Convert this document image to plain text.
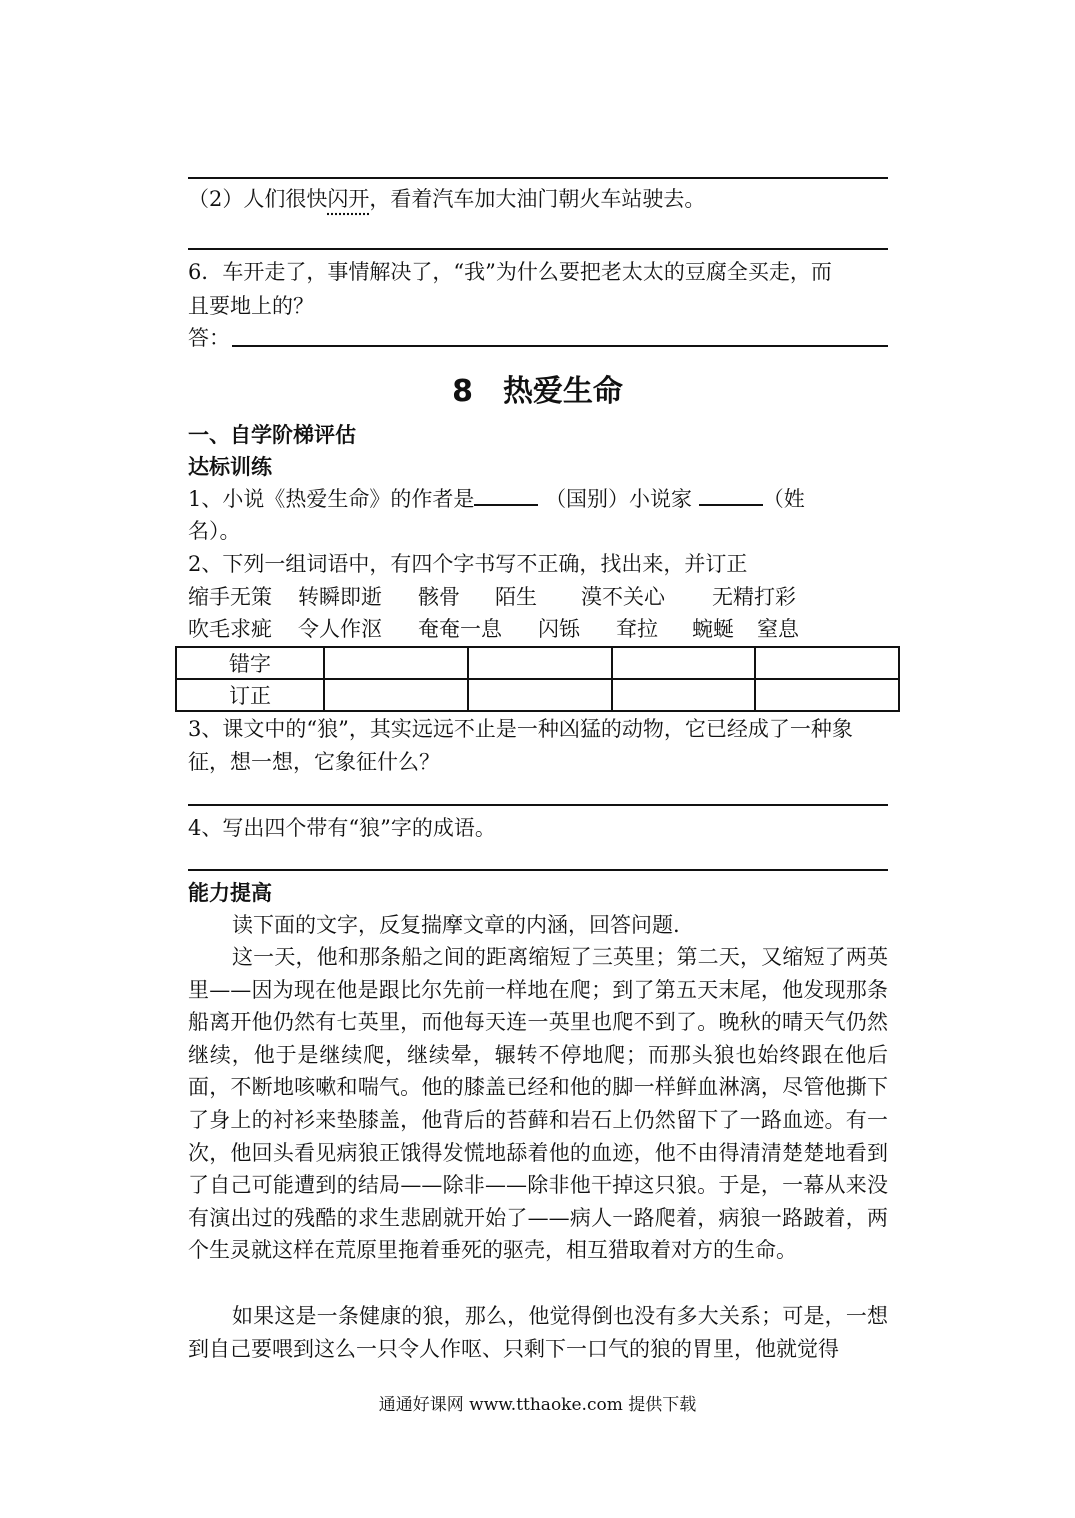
（2）人们很快闪开，看着汽车加大油门朝火车站驶去。
6．车开走了，事情解决了，“我”为什么要把老太太的豆腐全买走，而
且要地上的？
答：
8 热爱生命
一、自学阶梯评估
达标训练
1、小说《热爱生命》的作者是	（国别）小说家	（姓
名）。
2、下列一组词语中，有四个字书写不正确，找出来，并订正
缩手无策 转瞬即逝 骸骨 陌生 漠不关心 无精打彩
吹毛求疵 令人作沤 奄奄一息 闪铄 耷拉 蜿蜒 窒息
错字				
订正				
3、课文中的“狼”，其实远远不止是一种凶猛的动物，它已经成了一种象
征，想一想，它象征什么？
4、写出四个带有“狼”字的成语。
能力提高
读下面的文字，反复揣摩文章的内涵，回答问题.
这一天，他和那条船之间的距离缩短了三英里；第二天，又缩短了两英里——因为现在他是跟比尔先前一样地在爬；到了第五天末尾，他发现那条船离开他仍然有七英里，而他每天连一英里也爬不到了。晚秋的晴天气仍然继续，他于是继续爬，继续晕，辗转不停地爬；而那头狼也始终跟在他后面，不断地咳嗽和喘气。他的膝盖已经和他的脚一样鲜血淋漓，尽管他撕下了身上的衬衫来垫膝盖，他背后的苔藓和岩石上仍然留下了一路血迹。有一次，他回头看见病狼正饿得发慌地舔着他的血迹，他不由得清清楚楚地看到了自己可能遭到的结局——除非——除非他干掉这只狼。于是，一幕从来没有演出过的残酷的求生悲剧就开始了——病人一路爬着，病狼一路跛着，两个生灵就这样在荒原里拖着垂死的驱壳，相互猎取着对方的生命。
如果这是一条健康的狼，那么，他觉得倒也没有多大关系；可是，一想到自己要喂到这么一只令人作呕、只剩下一口气的狼的胃里，他就觉得
通通好课网 www.tthaoke.com 提供下载
